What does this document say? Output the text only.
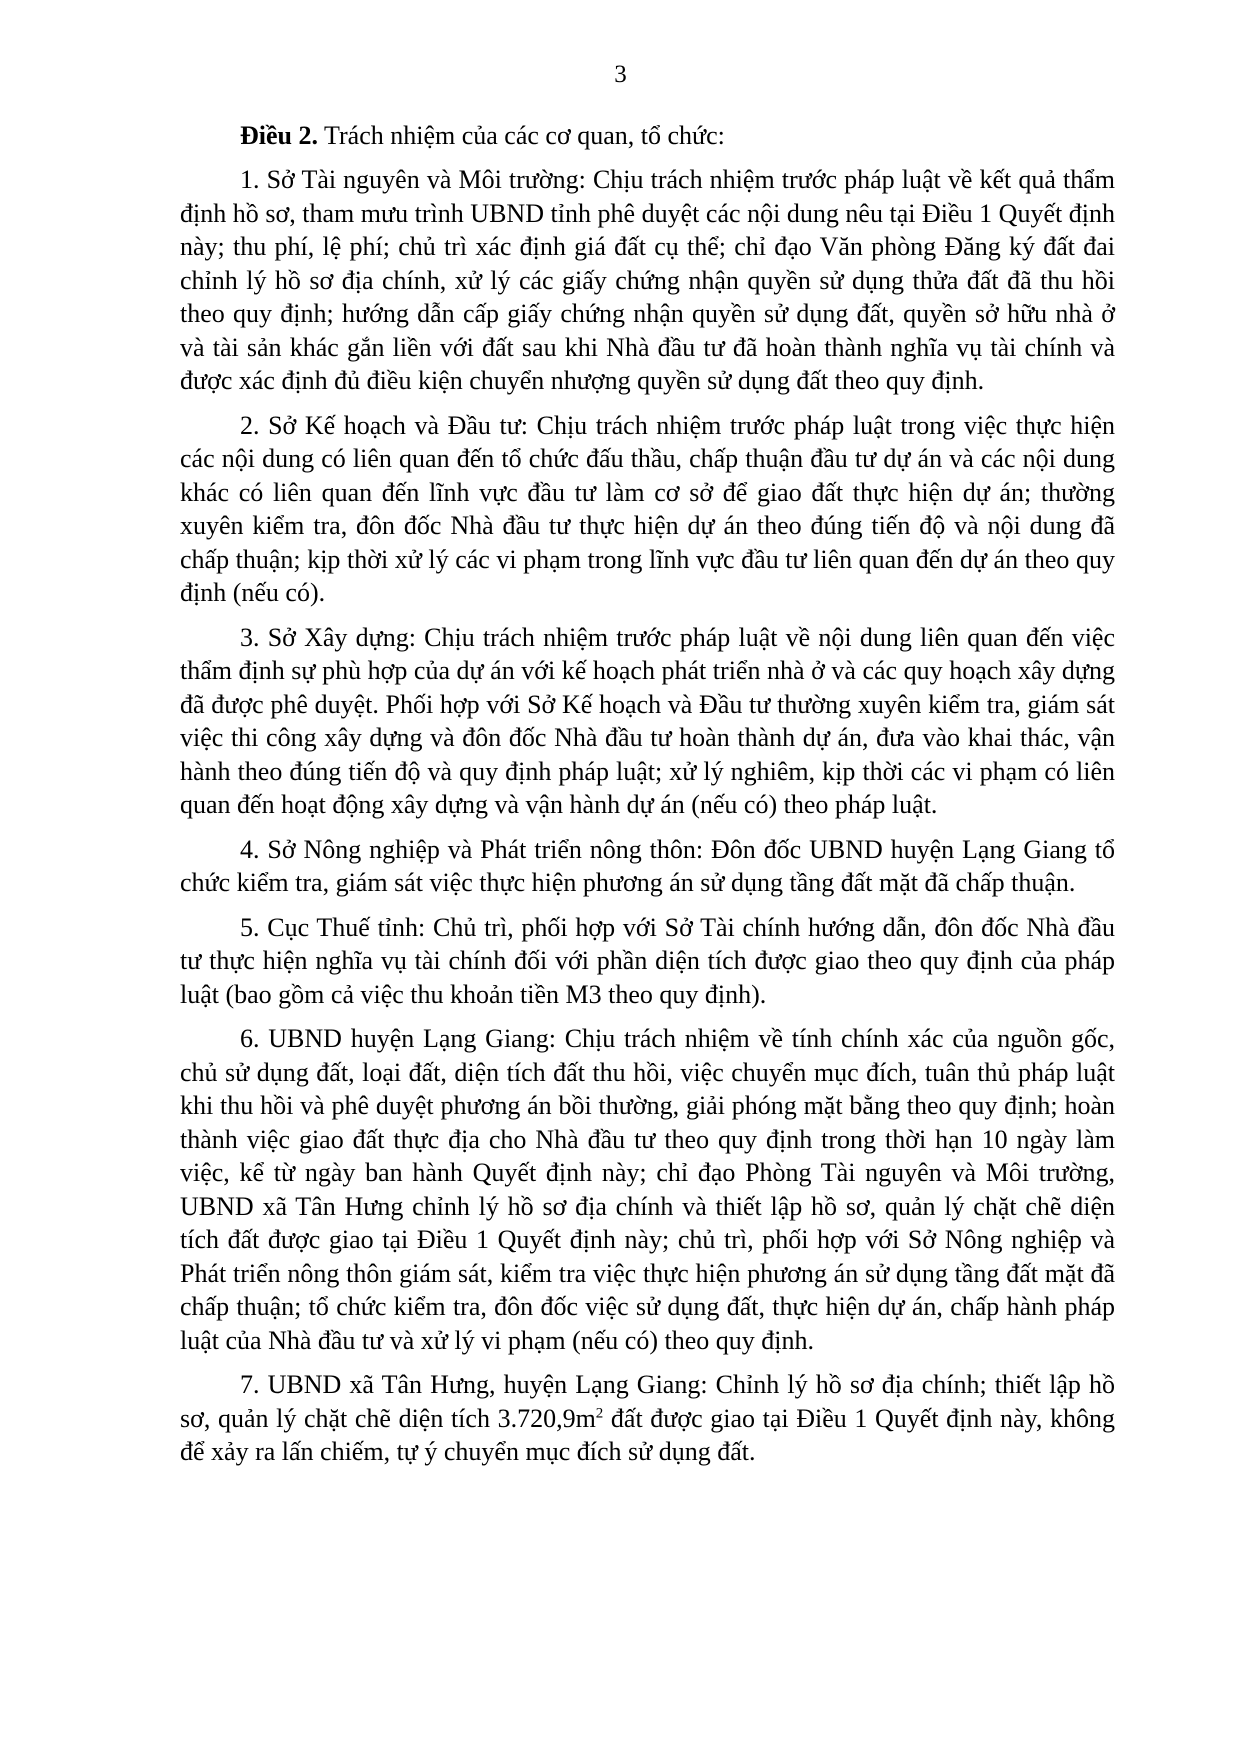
3

Điều 2. Trách nhiệm của các cơ quan, tổ chức:

1. Sở Tài nguyên và Môi trường: Chịu trách nhiệm trước pháp luật về kết quả thẩm định hồ sơ, tham mưu trình UBND tỉnh phê duyệt các nội dung nêu tại Điều 1 Quyết định này; thu phí, lệ phí; chủ trì xác định giá đất cụ thể; chỉ đạo Văn phòng Đăng ký đất đai chỉnh lý hồ sơ địa chính, xử lý các giấy chứng nhận quyền sử dụng thửa đất đã thu hồi theo quy định; hướng dẫn cấp giấy chứng nhận quyền sử dụng đất, quyền sở hữu nhà ở và tài sản khác gắn liền với đất sau khi Nhà đầu tư đã hoàn thành nghĩa vụ tài chính và được xác định đủ điều kiện chuyển nhượng quyền sử dụng đất theo quy định.

2. Sở Kế hoạch và Đầu tư: Chịu trách nhiệm trước pháp luật trong việc thực hiện các nội dung có liên quan đến tổ chức đấu thầu, chấp thuận đầu tư dự án và các nội dung khác có liên quan đến lĩnh vực đầu tư làm cơ sở để giao đất thực hiện dự án; thường xuyên kiểm tra, đôn đốc Nhà đầu tư thực hiện dự án theo đúng tiến độ và nội dung đã chấp thuận; kịp thời xử lý các vi phạm trong lĩnh vực đầu tư liên quan đến dự án theo quy định (nếu có).

3. Sở Xây dựng: Chịu trách nhiệm trước pháp luật về nội dung liên quan đến việc thẩm định sự phù hợp của dự án với kế hoạch phát triển nhà ở và các quy hoạch xây dựng đã được phê duyệt. Phối hợp với Sở Kế hoạch và Đầu tư thường xuyên kiểm tra, giám sát việc thi công xây dựng và đôn đốc Nhà đầu tư hoàn thành dự án, đưa vào khai thác, vận hành theo đúng tiến độ và quy định pháp luật; xử lý nghiêm, kịp thời các vi phạm có liên quan đến hoạt động xây dựng và vận hành dự án (nếu có) theo pháp luật.

4. Sở Nông nghiệp và Phát triển nông thôn: Đôn đốc UBND huyện Lạng Giang tổ chức kiểm tra, giám sát việc thực hiện phương án sử dụng tầng đất mặt đã chấp thuận.

5. Cục Thuế tỉnh: Chủ trì, phối hợp với Sở Tài chính hướng dẫn, đôn đốc Nhà đầu tư thực hiện nghĩa vụ tài chính đối với phần diện tích được giao theo quy định của pháp luật (bao gồm cả việc thu khoản tiền M3 theo quy định).

6. UBND huyện Lạng Giang: Chịu trách nhiệm về tính chính xác của nguồn gốc, chủ sử dụng đất, loại đất, diện tích đất thu hồi, việc chuyển mục đích, tuân thủ pháp luật khi thu hồi và phê duyệt phương án bồi thường, giải phóng mặt bằng theo quy định; hoàn thành việc giao đất thực địa cho Nhà đầu tư theo quy định trong thời hạn 10 ngày làm việc, kể từ ngày ban hành Quyết định này; chỉ đạo Phòng Tài nguyên và Môi trường, UBND xã Tân Hưng chỉnh lý hồ sơ địa chính và thiết lập hồ sơ, quản lý chặt chẽ diện tích đất được giao tại Điều 1 Quyết định này; chủ trì, phối hợp với Sở Nông nghiệp và Phát triển nông thôn giám sát, kiểm tra việc thực hiện phương án sử dụng tầng đất mặt đã chấp thuận; tổ chức kiểm tra, đôn đốc việc sử dụng đất, thực hiện dự án, chấp hành pháp luật của Nhà đầu tư và xử lý vi phạm (nếu có) theo quy định.

7. UBND xã Tân Hưng, huyện Lạng Giang: Chỉnh lý hồ sơ địa chính; thiết lập hồ sơ, quản lý chặt chẽ diện tích $3.720,9m^2$ đất được giao tại Điều 1 Quyết định này, không để xảy ra lấn chiếm, tự ý chuyển mục đích sử dụng đất.
